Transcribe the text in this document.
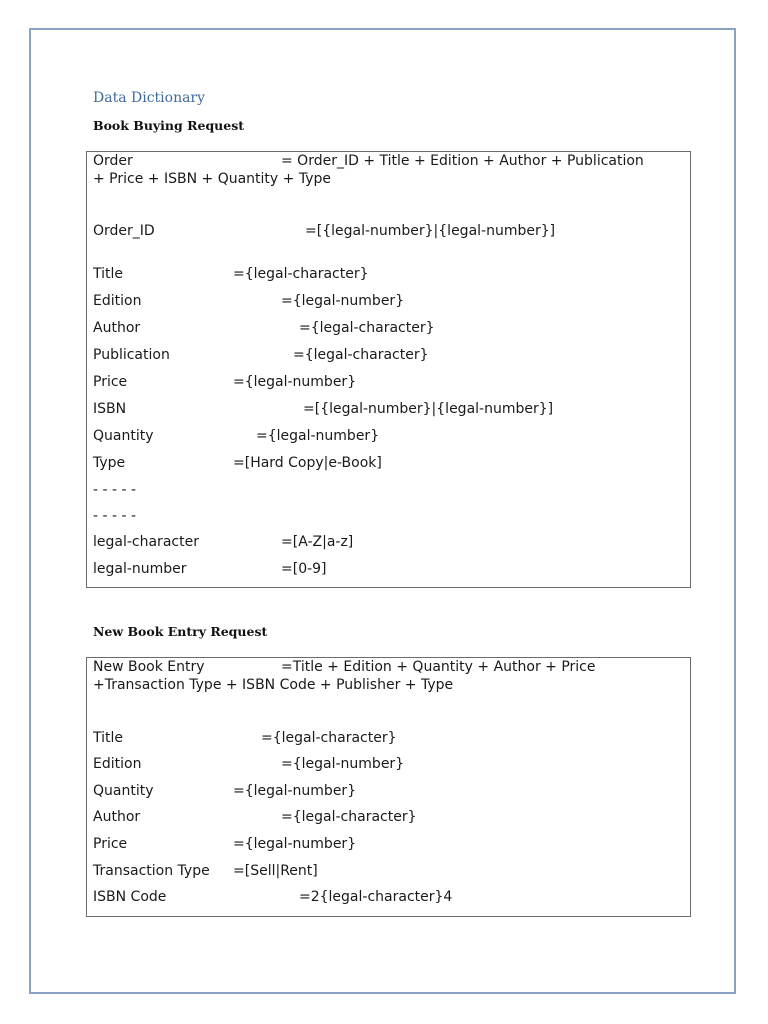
Data Dictionary
Book Buying Request
Order	= Order_ID + Title + Edition + Author + Publication
+ Price + ISBN + Quantity + Type
Order_ID	=[{legal-number}|{legal-number}]
Title	={legal-character}
Edition	={legal-number}
Author	={legal-character}
Publication	={legal-character}
Price	={legal-number}
ISBN	=[{legal-number}|{legal-number}]
Quantity	={legal-number}
Type	=[Hard Copy|e-Book]
- - - - -
- - - - -
legal-character	=[A-Z|a-z]
legal-number	=[0-9]
New Book Entry Request
New Book Entry	=Title + Edition + Quantity + Author + Price
+Transaction Type + ISBN Code + Publisher + Type
Title	={legal-character}
Edition	={legal-number}
Quantity	={legal-number}
Author	={legal-character}
Price	={legal-number}
Transaction Type =[Sell|Rent]
ISBN Code	=2{legal-character}4
